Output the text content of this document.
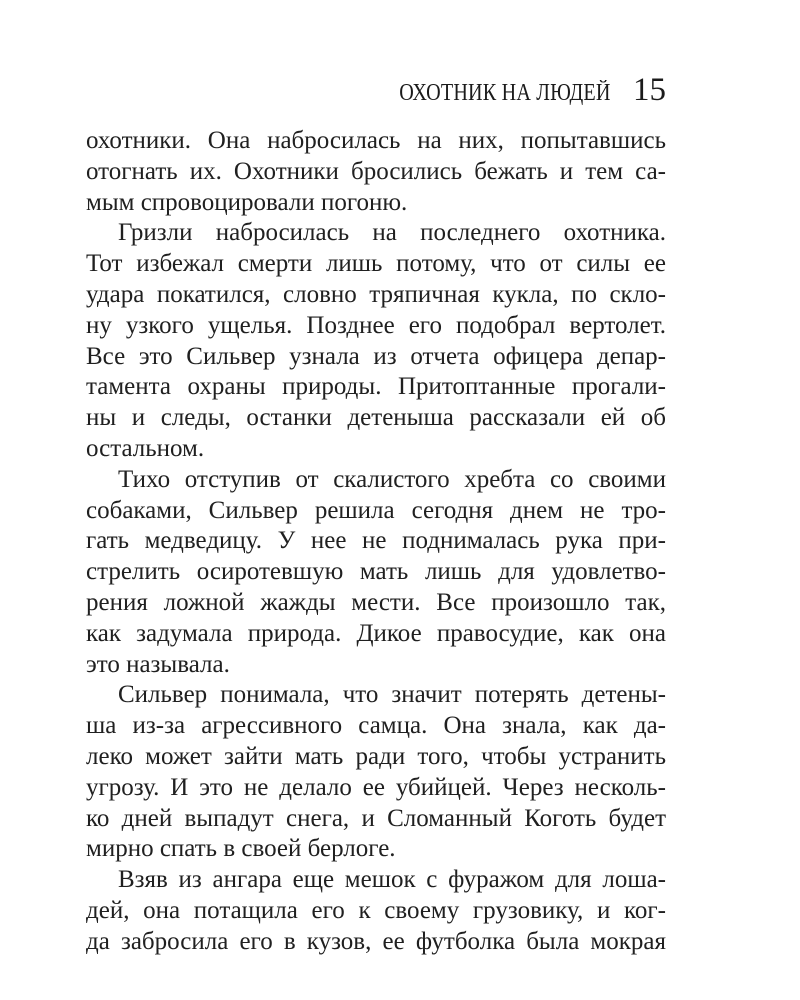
ОХОТНИК НА ЛЮДЕЙ 15
охотники. Она набросилась на них, попытавшись
отогнать их. Охотники бросились бежать и тем са-
мым спровоцировали погоню.
Гризли набросилась на последнего охотника.
Тот избежал смерти лишь потому, что от силы ее
удара покатился, словно тряпичная кукла, по скло-
ну узкого ущелья. Позднее его подобрал вертолет.
Все это Сильвер узнала из отчета офицера депар-
тамента охраны природы. Притоптанные прогали-
ны и следы, останки детеныша рассказали ей об
остальном.
Тихо отступив от скалистого хребта со своими
собаками, Сильвер решила сегодня днем не тро-
гать медведицу. У нее не поднималась рука при-
стрелить осиротевшую мать лишь для удовлетво-
рения ложной жажды мести. Все произошло так,
как задумала природа. Дикое правосудие, как она
это называла.
Сильвер понимала, что значит потерять детены-
ша из-за агрессивного самца. Она знала, как да-
леко может зайти мать ради того, чтобы устранить
угрозу. И это не делало ее убийцей. Через несколь-
ко дней выпадут снега, и Сломанный Коготь будет
мирно спать в своей берлоге.
Взяв из ангара еще мешок с фуражом для лоша-
дей, она потащила его к своему грузовику, и ког-
да забросила его в кузов, ее футболка была мокрая
